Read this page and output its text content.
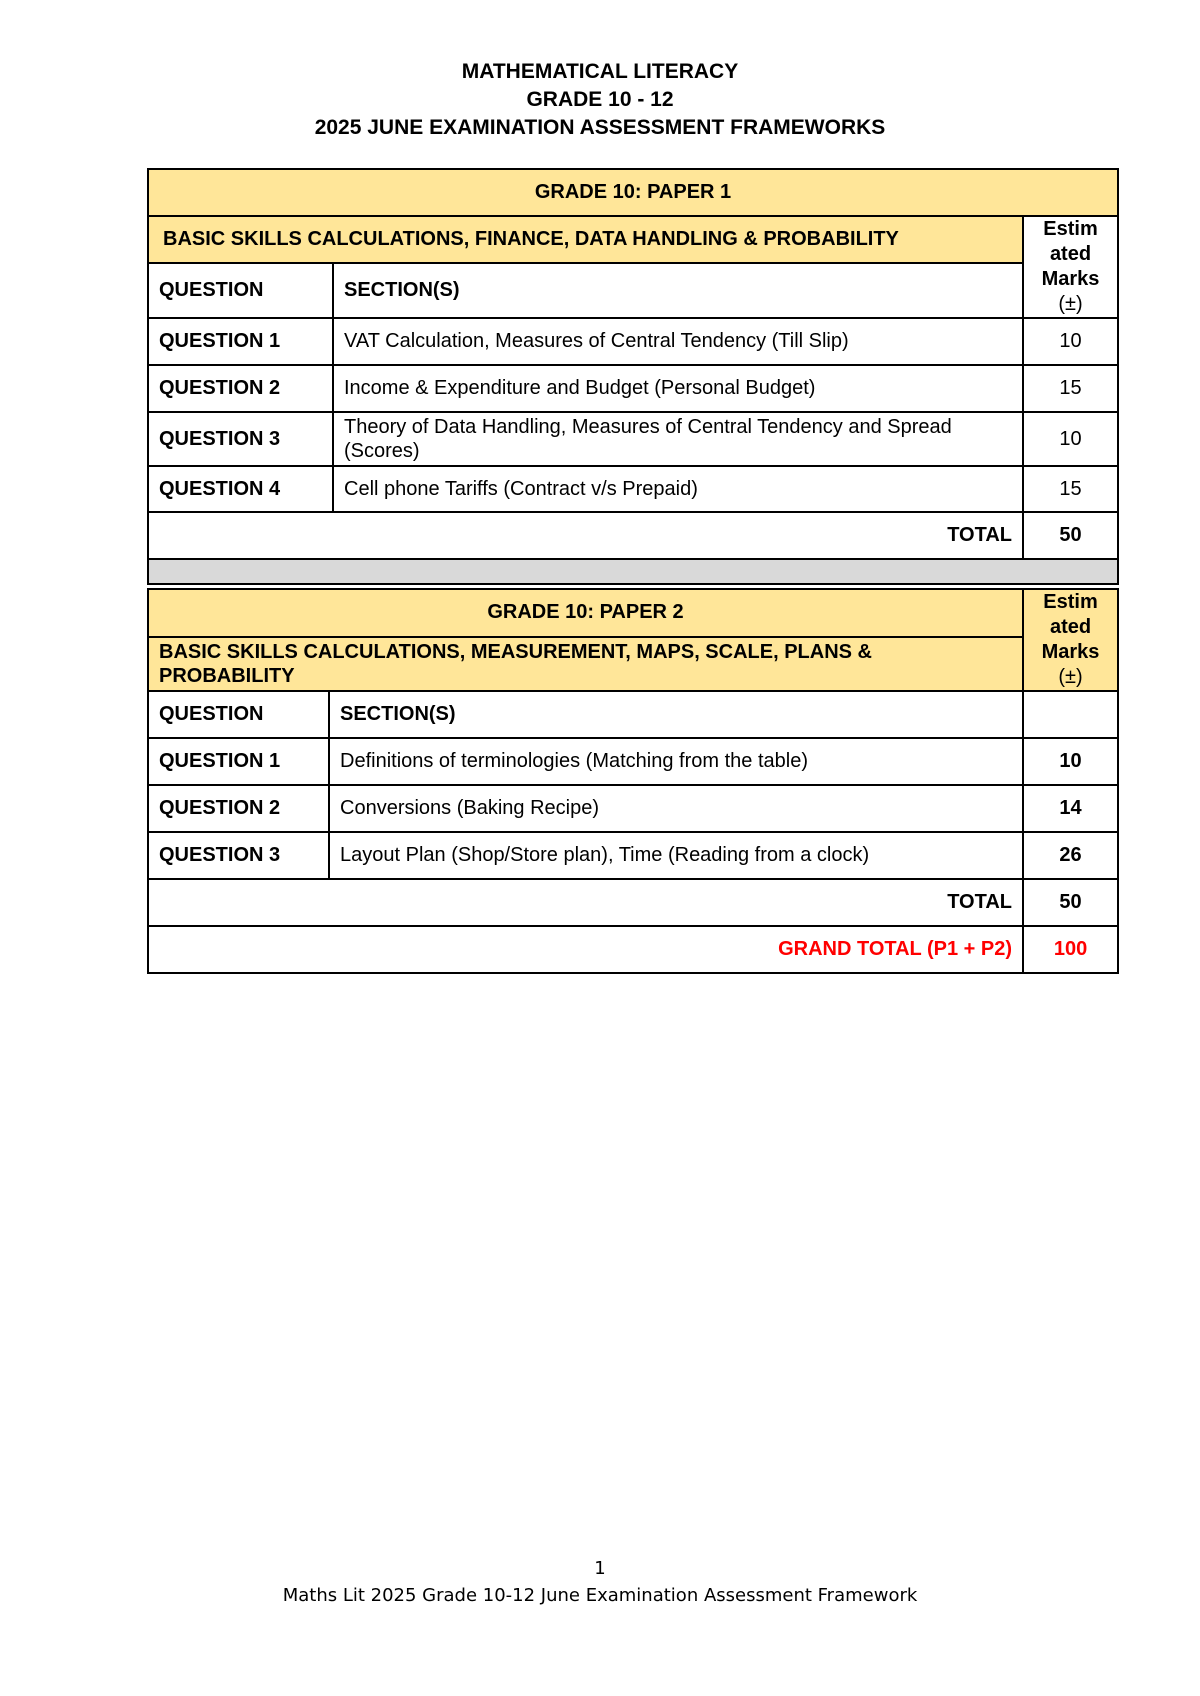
MATHEMATICAL LITERACY
GRADE 10 - 12
2025 JUNE EXAMINATION ASSESSMENT FRAMEWORKS
GRADE 10: PAPER 1		
BASIC SKILLS CALCULATIONS, FINANCE, DATA HANDLING & PROBABILITY		Estim
ated
Marks
(±)

QUESTION	SECTION(S)	
QUESTION 1	VAT Calculation, Measures of Central Tendency (Till Slip)	10
QUESTION 2	Income & Expenditure and Budget (Personal Budget)	15
QUESTION 3	Theory of Data Handling, Measures of Central Tendency and Spread (Scores)	10
QUESTION 4	Cell phone Tariffs (Contract v/s Prepaid)	15
TOTAL		50

GRADE 10: PAPER 2		Estim
ated
Marks
(±)

BASIC SKILLS CALCULATIONS, MEASUREMENT, MAPS, SCALE, PLANS & PROBABILITY		
QUESTION	SECTION(S)	
QUESTION 1	Definitions of terminologies (Matching from the table)	10
QUESTION 2	Conversions (Baking Recipe)	14
QUESTION 3	Layout Plan (Shop/Store plan), Time (Reading from a clock)	26
TOTAL		50
GRAND TOTAL (P1 + P2)		100
1
Maths Lit 2025 Grade 10-12 June Examination Assessment Framework
